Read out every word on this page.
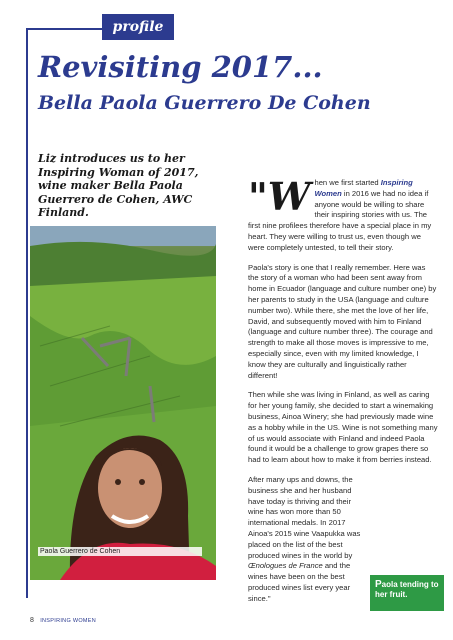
profile
Revisiting 2017...
Bella Paola Guerrero De Cohen

Liz introduces us to her Inspiring Woman of 2017, wine maker Bella Paola Guerrero de Cohen, AWC Finland.

Paola Guerrero de Cohen
"W hen we first started Inspiring Women in 2016 we had no idea if anyone would be willing to share their inspiring stories with us. The first nine profilees therefore have a special place in my heart. They were willing to trust us, even though we were completely untested, to tell their story.

Paola's story is one that I really remember. Here was the story of a woman who had been sent away from home in Ecuador (language and culture number one) by her parents to study in the USA (language and culture number two). While there, she met the love of her life, David, and subsequently moved with him to Finland (language and culture number three). The courage and strength to make all those moves is impressive to me, especially since, even with my limited knowledge, I know they are culturally and linguistically rather different!

Then while she was living in Finland, as well as caring for her young family, she decided to start a winemaking business, Ainoa Winery; she had previously made wine as a hobby while in the US. Wine is not something many of us would associate with Finland and indeed Paola found it would be a challenge to grow grapes there so had to learn about how to make it from berries instead.

After many ups and downs, the business she and her husband have today is thriving and their wine has won more than 50 international medals. In 2017 Ainoa's 2015 wine Vaapukka was placed on the list of the best produced wines in the world by Œnologues de France and the wines have been on the best produced wines list every year since."

Paola tending to her fruit.
8 INSPIRING WOMEN
